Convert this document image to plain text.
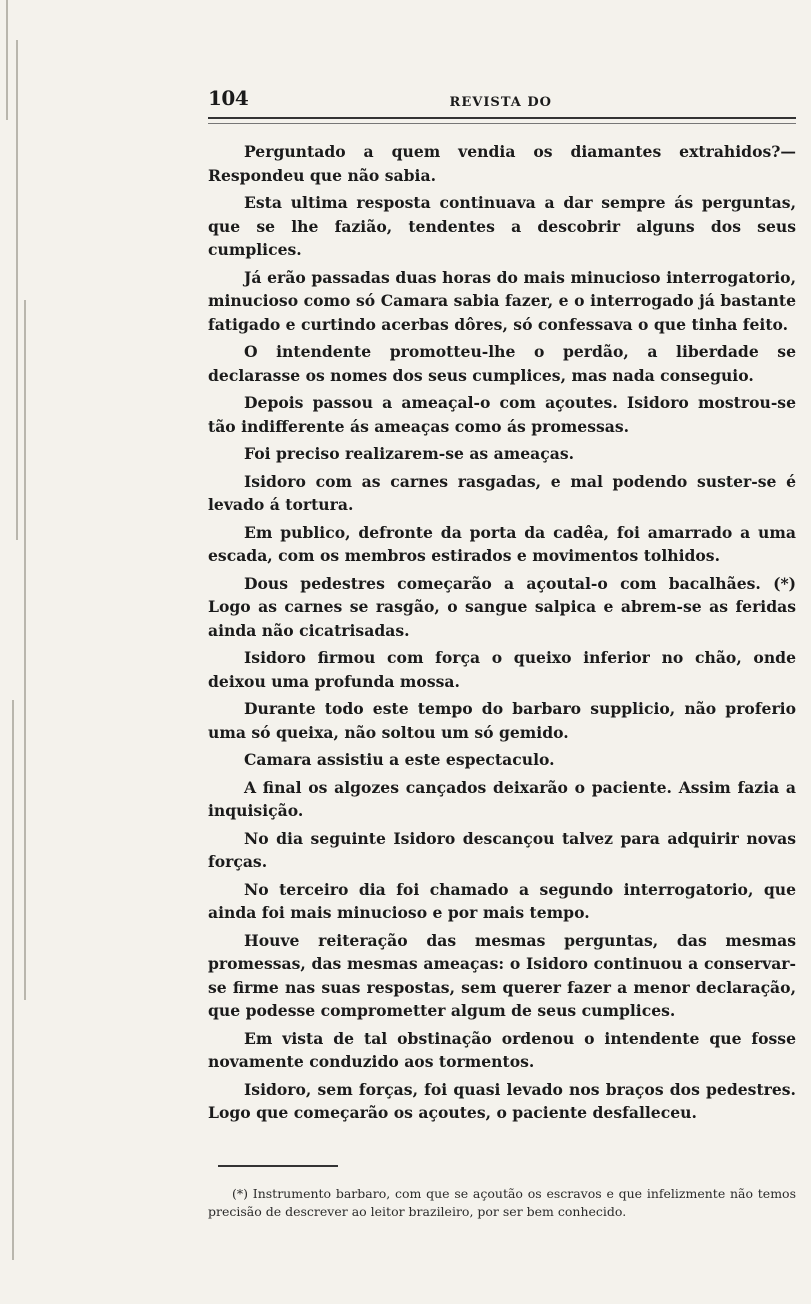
104	REVISTA DO

Perguntado a quem vendia os diamantes extrahidos?— Respondeu que não sabia.

Esta ultima resposta continuava a dar sempre ás perguntas, que se lhe fazião, tendentes a descobrir alguns dos seus cumplices.

Já erão passadas duas horas do mais minucioso interrogatorio, minucioso como só Camara sabia fazer, e o interrogado já bastante fatigado e curtindo acerbas dôres, só confessava o que tinha feito.

O intendente promotteu-lhe o perdão, a liberdade se declarasse os nomes dos seus cumplices, mas nada conseguio.

Depois passou a ameaçal-o com açoutes. Isidoro mostrou-se tão indifferente ás ameaças como ás promessas.

Foi preciso realizarem-se as ameaças.

Isidoro com as carnes rasgadas, e mal podendo suster-se é levado á tortura.

Em publico, defronte da porta da cadêa, foi amarrado a uma escada, com os membros estirados e movimentos tolhidos.

Dous pedestres começarão a açoutal-o com bacalhães. (*) Logo as carnes se rasgão, o sangue salpica e abrem-se as feridas ainda não cicatrisadas.

Isidoro firmou com força o queixo inferior no chão, onde deixou uma profunda mossa.

Durante todo este tempo do barbaro supplicio, não proferio uma só queixa, não soltou um só gemido.

Camara assistiu a este espectaculo.

A final os algozes cançados deixarão o paciente. Assim fazia a inquisição.

No dia seguinte Isidoro descançou talvez para adquirir novas forças.

No terceiro dia foi chamado a segundo interrogatorio, que ainda foi mais minucioso e por mais tempo.

Houve reiteração das mesmas perguntas, das mesmas promessas, das mesmas ameaças: o Isidoro continuou a conservar-se firme nas suas respostas, sem querer fazer a menor declaração, que podesse comprometter algum de seus cumplices.

Em vista de tal obstinação ordenou o intendente que fosse novamente conduzido aos tormentos.

Isidoro, sem forças, foi quasi levado nos braços dos pedestres. Logo que começarão os açoutes, o paciente desfalleceu.

(*) Instrumento barbaro, com que se açoutão os escravos e que infelizmente não temos precisão de descrever ao leitor brazileiro, por ser bem conhecido.
